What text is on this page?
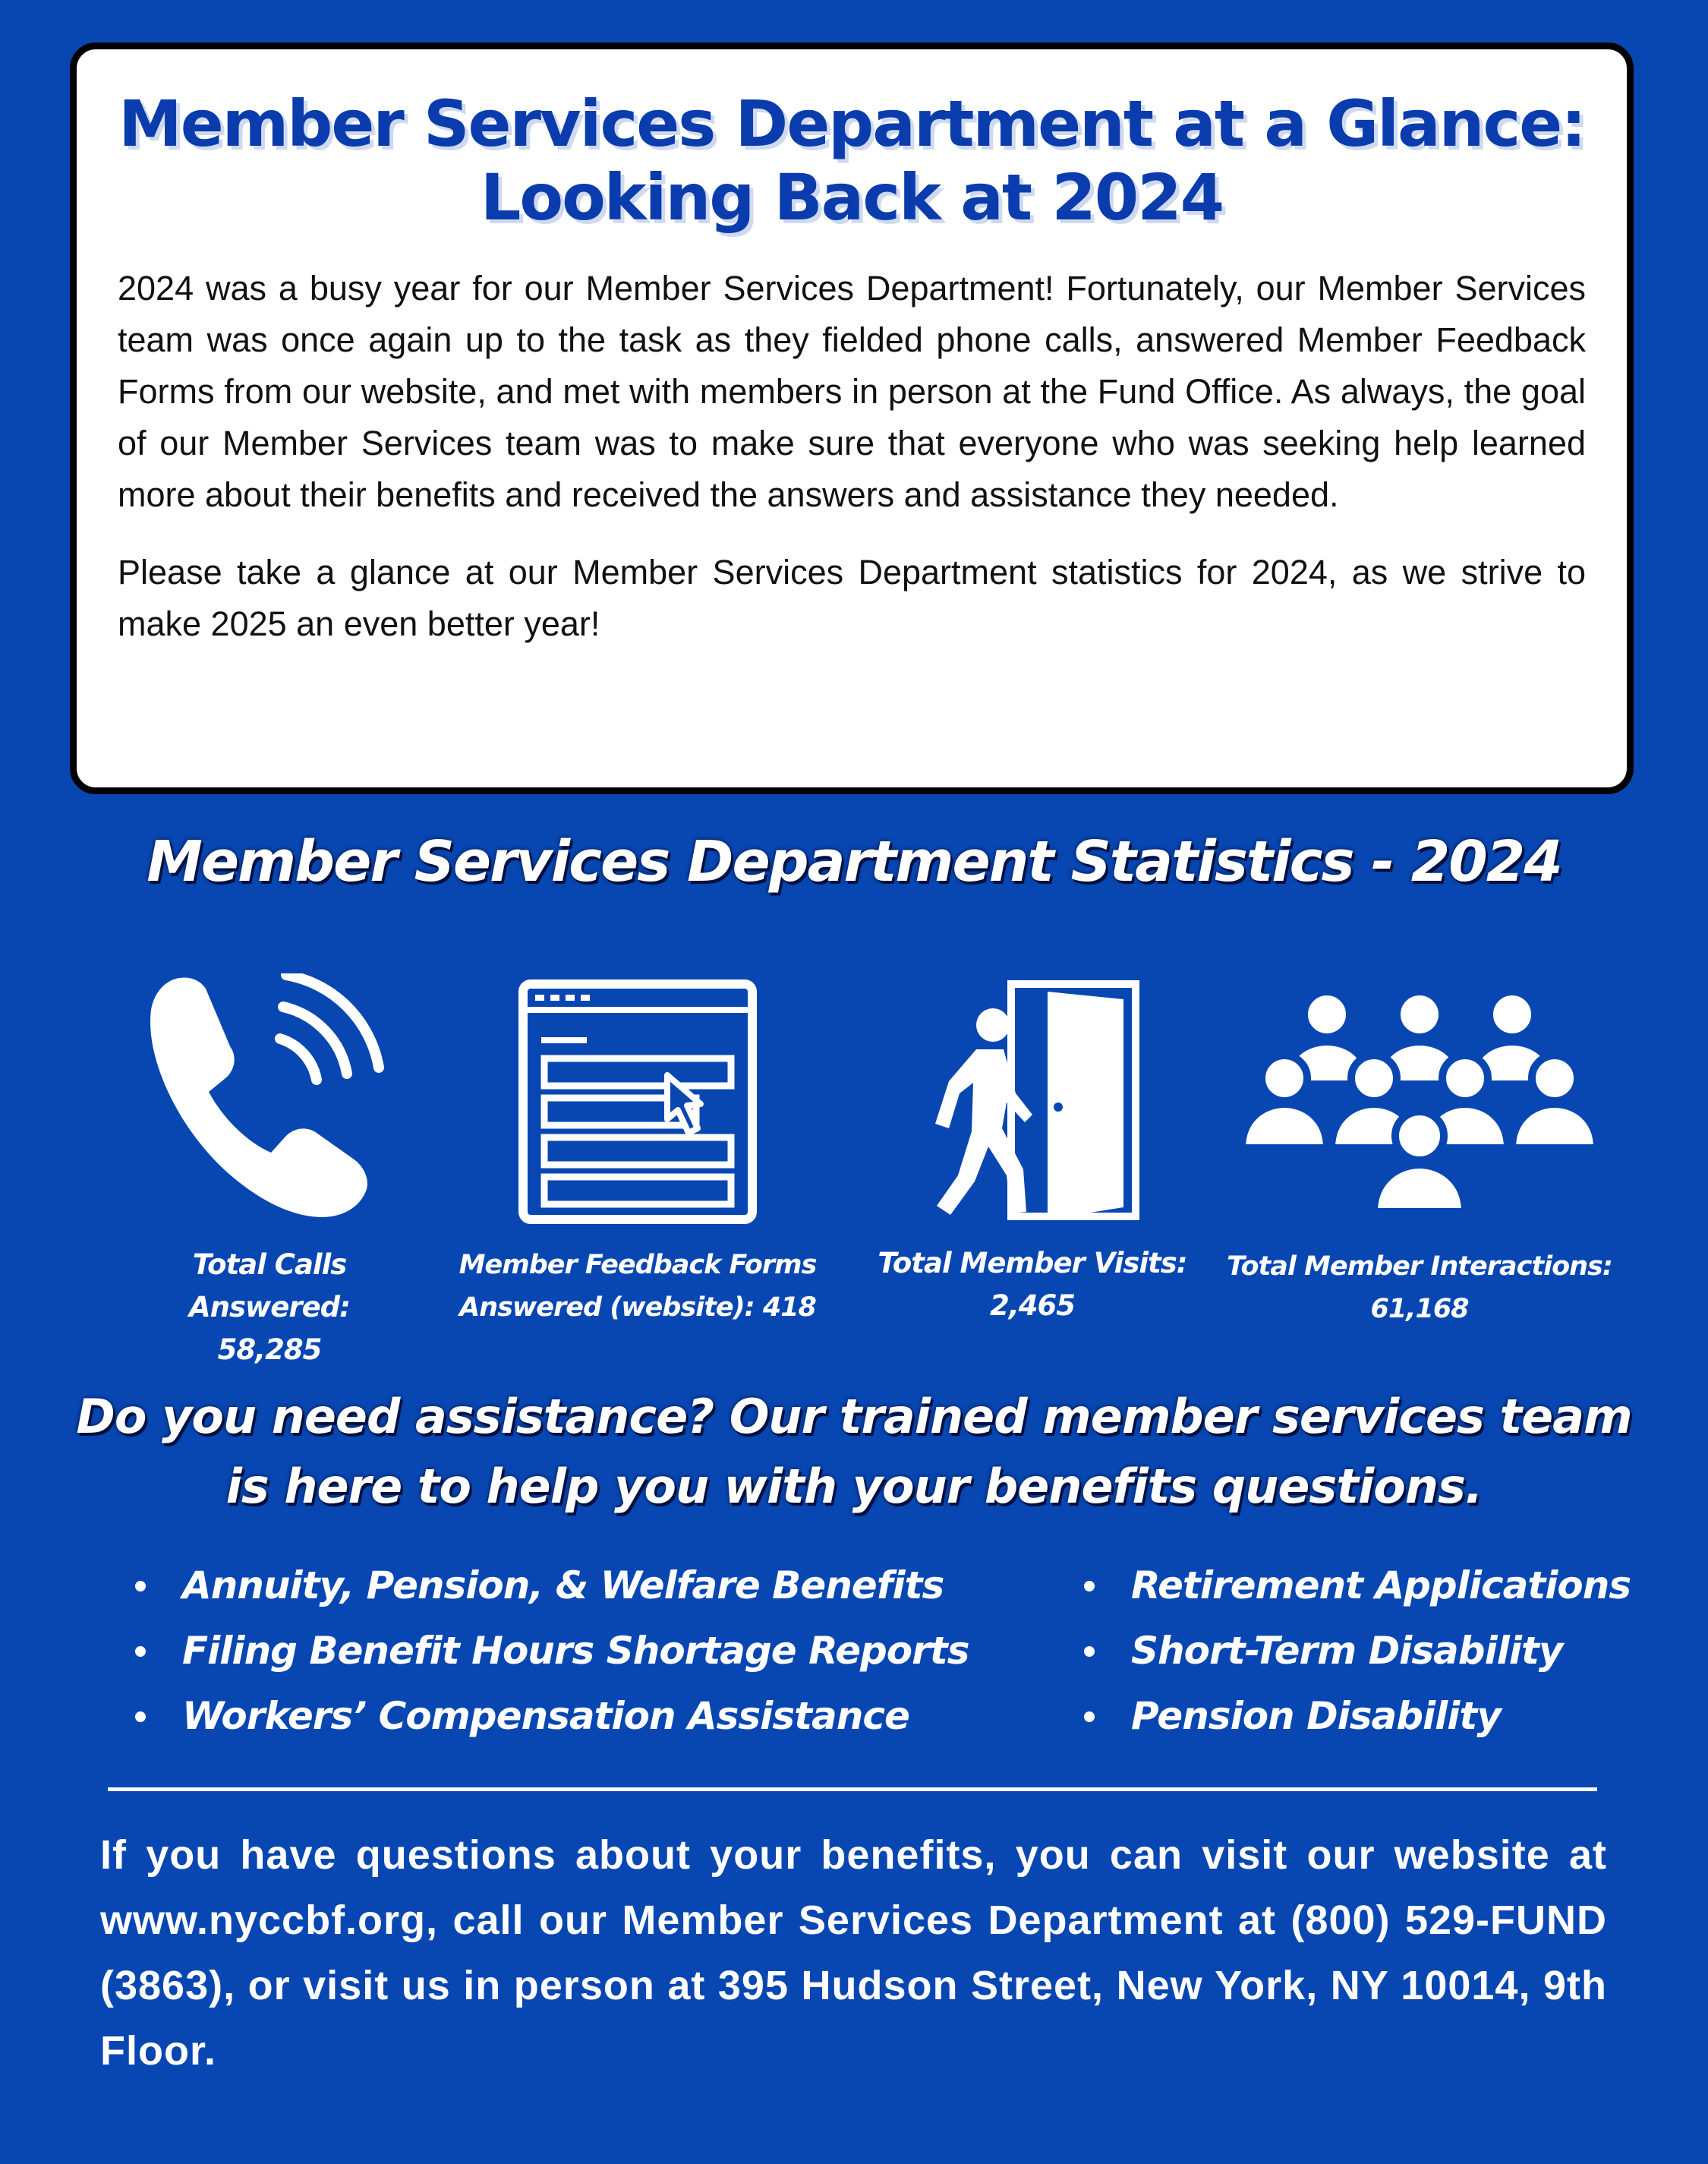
Member Services Department at a Glance:
Looking Back at 2024

2024 was a busy year for our Member Services Department! Fortunately, our Member Services team was once again up to the task as they fielded phone calls, answered Member Feedback Forms from our website, and met with members in person at the Fund Office. As always, the goal of our Member Services team was to make sure that everyone who was seeking help learned more about their benefits and received the answers and assistance they needed.

Please take a glance at our Member Services Department statistics for 2024, as we strive to make 2025 an even better year!

Member Services Department Statistics - 2024
Total Calls Answered:
58,285
Member Feedback Forms
Answered (website): 418
Total Member Visits:
2,465
Total Member Interactions:
61,168
Do you need assistance? Our trained member services team
is here to help you with your benefits questions.
Annuity, Pension, & Welfare Benefits
Filing Benefit Hours Shortage Reports
Workers’ Compensation Assistance
Retirement Applications
Short-Term Disability
Pension Disability

If you have questions about your benefits, you can visit our website at www.nyccbf.org, call our Member Services Department at (800) 529-FUND (3863), or visit us in person at 395 Hudson Street, New York, NY 10014, 9th Floor.
